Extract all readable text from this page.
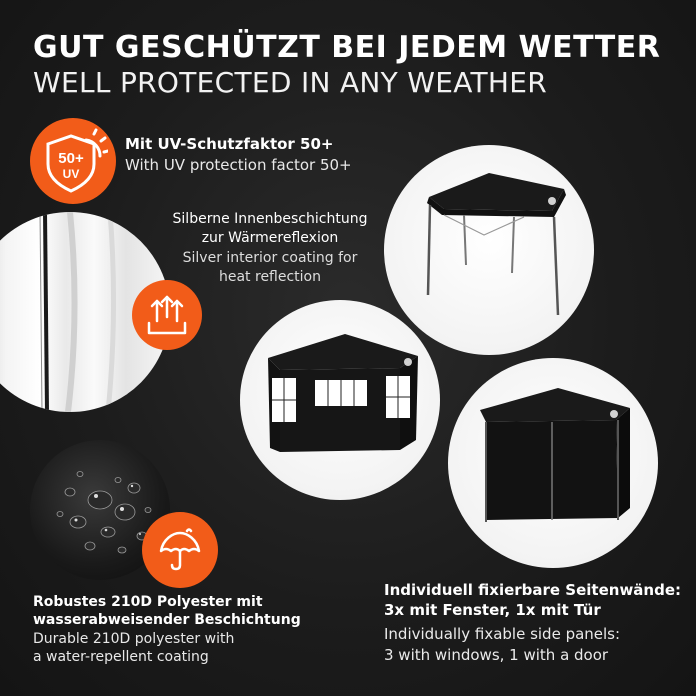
GUT GESCHÜTZT BEI JEDEM WETTER
WELL PROTECTED IN ANY WEATHER
50+
UV
Mit UV-Schutzfaktor 50+
With UV protection factor 50+
Silberne Innenbeschichtung
zur Wärmereflexion
Silver interior coating for
heat reflection
Robustes 210D Polyester mit
wasserabweisender Beschichtung
Durable 210D polyester with
a water-repellent coating
Individuell fixierbare Seitenwände:
3x mit Fenster, 1x mit Tür
Individually fixable side panels:
3 with windows, 1 with a door
